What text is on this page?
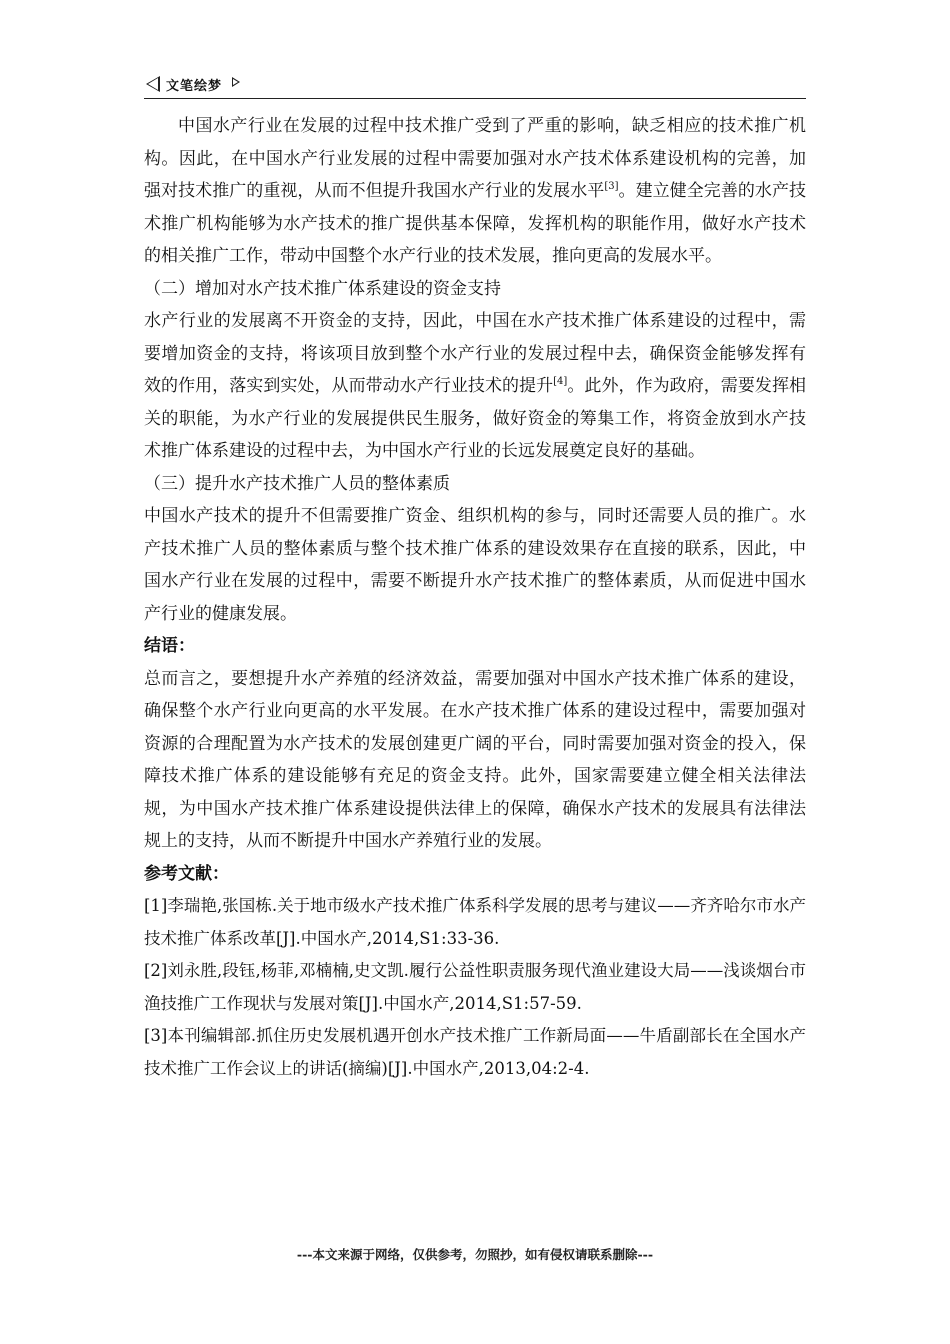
文笔绘梦

中国水产行业在发展的过程中技术推广受到了严重的影响，缺乏相应的技术推广机构。因此，在中国水产行业发展的过程中需要加强对水产技术体系建设机构的完善，加强对技术推广的重视，从而不但提升我国水产行业的发展水平[3]。建立健全完善的水产技术推广机构能够为水产技术的推广提供基本保障，发挥机构的职能作用，做好水产技术的相关推广工作，带动中国整个水产行业的技术发展，推向更高的发展水平。

（二）增加对水产技术推广体系建设的资金支持

水产行业的发展离不开资金的支持，因此，中国在水产技术推广体系建设的过程中，需要增加资金的支持，将该项目放到整个水产行业的发展过程中去，确保资金能够发挥有效的作用，落实到实处，从而带动水产行业技术的提升[4]。此外，作为政府，需要发挥相关的职能，为水产行业的发展提供民生服务，做好资金的筹集工作，将资金放到水产技术推广体系建设的过程中去，为中国水产行业的长远发展奠定良好的基础。

（三）提升水产技术推广人员的整体素质

中国水产技术的提升不但需要推广资金、组织机构的参与，同时还需要人员的推广。水产技术推广人员的整体素质与整个技术推广体系的建设效果存在直接的联系，因此，中国水产行业在发展的过程中，需要不断提升水产技术推广的整体素质，从而促进中国水产行业的健康发展。

结语：

总而言之，要想提升水产养殖的经济效益，需要加强对中国水产技术推广体系的建设，确保整个水产行业向更高的水平发展。在水产技术推广体系的建设过程中，需要加强对资源的合理配置为水产技术的发展创建更广阔的平台，同时需要加强对资金的投入，保障技术推广体系的建设能够有充足的资金支持。此外，国家需要建立健全相关法律法规，为中国水产技术推广体系建设提供法律上的保障，确保水产技术的发展具有法律法规上的支持，从而不断提升中国水产养殖行业的发展。

参考文献：

[1]李瑞艳,张国栋.关于地市级水产技术推广体系科学发展的思考与建议——齐齐哈尔市水产技术推广体系改革[J].中国水产,2014,S1:33-36.

[2]刘永胜,段钰,杨菲,邓楠楠,史文凯.履行公益性职责服务现代渔业建设大局——浅谈烟台市渔技推广工作现状与发展对策[J].中国水产,2014,S1:57-59.

[3]本刊编辑部.抓住历史发展机遇开创水产技术推广工作新局面——牛盾副部长在全国水产技术推广工作会议上的讲话(摘编)[J].中国水产,2013,04:2-4.

---本文来源于网络，仅供参考，勿照抄，如有侵权请联系删除---
